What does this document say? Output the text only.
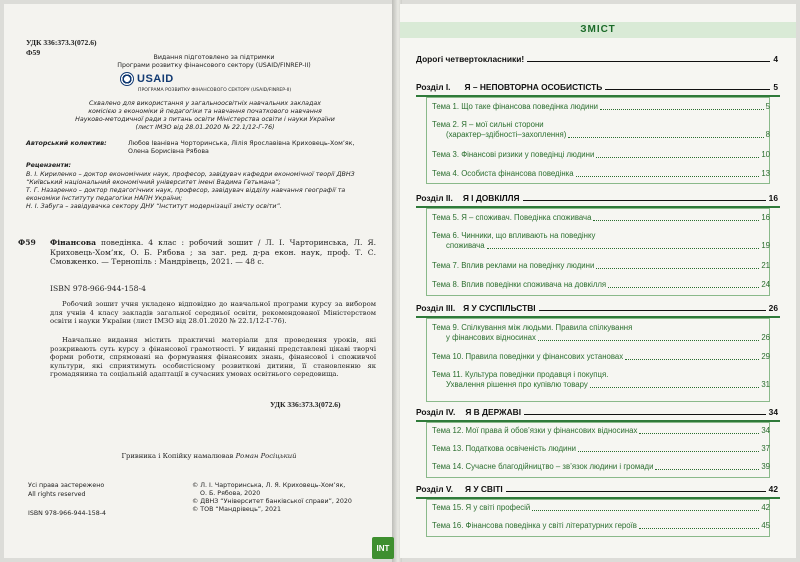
УДК 336:373.3(072.6)
Ф59
Видання підготовлено за підтримки
Програми розвитку фінансового сектору (USAID/FINREP-II)
USAID
ПРОГРАМА РОЗВИТКУ ФІНАНСОВОГО СЕКТОРУ (USAID/FINREP-II)
Схвалено для використання у загальноосвітніх навчальних закладах
комісією з економіки й педагогіки та навчання початкового навчання
Науково-методичної ради з питань освіти Міністерства освіти і науки України
(лист ІМЗО від 28.01.2020 № 22.1/12-Г-76)
Авторський колектив:	Любов Іванівна Чорторинська, Лілія Ярославівна Криховець-Хом’як,
Олена Борисівна Рябова
Рецензенти:
В. І. Кириленко – доктор економічних наук, професор, завідувач кафедри економічної теорії ДВНЗ “Київський національний економічний університет імені Вадима Гетьмана”;
Т. Г. Назаренко – доктор педагогічних наук, професор, завідувач відділу навчання географії та економіки Інституту педагогіки НАПН України;
Н. І. Забуга – завідувачка сектору ДНУ “Інститут модернізації змісту освіти”.
Ф59 Фінансова поведінка. 4 клас : робочий зошит / Л. І. Чарторинська, Л. Я. Криховець-Хом’як, О. Б. Рябова ; за заг. ред. д-ра екон. наук, проф. Т. С. Смовженко. — Тернопіль : Мандрівець, 2021. — 48 с.
ISBN 978-966-944-158-4
Робочий зошит учня укладено відповідно до навчальної програми курсу за вибором для учнів 4 класу закладів загальної середньої освіти, рекомендованої Міністерством освіти і науки України (лист ІМЗО від 28.01.2020 № 22.1/12-Г-76).
Навчальне видання містить практичні матеріали для проведення уроків, які розкривають суть курсу з фінансової грамотності. У виданні представлені цікаві творчі форми роботи, спрямовані на формування фінансових знань, фінансової і споживчої культури, які сприятимуть особистісному розвиткові дитини, її становленню як громадянина та соціальній адаптації в сучасних умовах освітнього середовища.
УДК 336:373.3(072.6)
Гривника і Копійку намалював Роман Росіцький
Усі права застережено
All rights reserved
ISBN 978-966-944-158-4
© Л. І. Чарторинська, Л. Я. Криховець-Хом’як,
О. Б. Рябова, 2020
© ДВНЗ “Університет банківської справи”, 2020
© ТОВ “Мандрівець”, 2021
ЗМІСТ
Дорогі четвертокласники!	4
Розділ I. Я – НЕПОВТОРНА ОСОБИСТІСТЬ	5
Тема 1. Що таке фінансова поведінка людини	5
Тема 2. Я – мої сильні сторони
(характер–здібності–захоплення)	8
Тема 3. Фінансові ризики у поведінці людини	10
Тема 4. Особиста фінансова поведінка	13
Розділ II. Я І ДОВКІЛЛЯ	16
Тема 5. Я – споживач. Поведінка споживача	16
Тема 6. Чинники, що впливають на поведінку
споживача	19
Тема 7. Вплив реклами на поведінку людини	21
Тема 8. Вплив поведінки споживача на довкілля	24
Розділ III. Я У СУСПІЛЬСТВІ	26
Тема 9. Спілкування між людьми. Правила спілкування
у фінансових відносинах	26
Тема 10. Правила поведінки у фінансових установах	29
Тема 11. Культура поведінки продавця і покупця.
Ухвалення рішення про купівлю товару	31
Розділ IV. Я В ДЕРЖАВІ	34
Тема 12. Мої права й обов’язки у фінансових відносинах	34
Тема 13. Податкова освіченість людини	37
Тема 14. Сучасне благодійництво – зв’язок людини і громади	39
Розділ V. Я У СВІТІ	42
Тема 15. Я у світі професій	42
Тема 16. Фінансова поведінка у світі літературних героїв	45
INT
